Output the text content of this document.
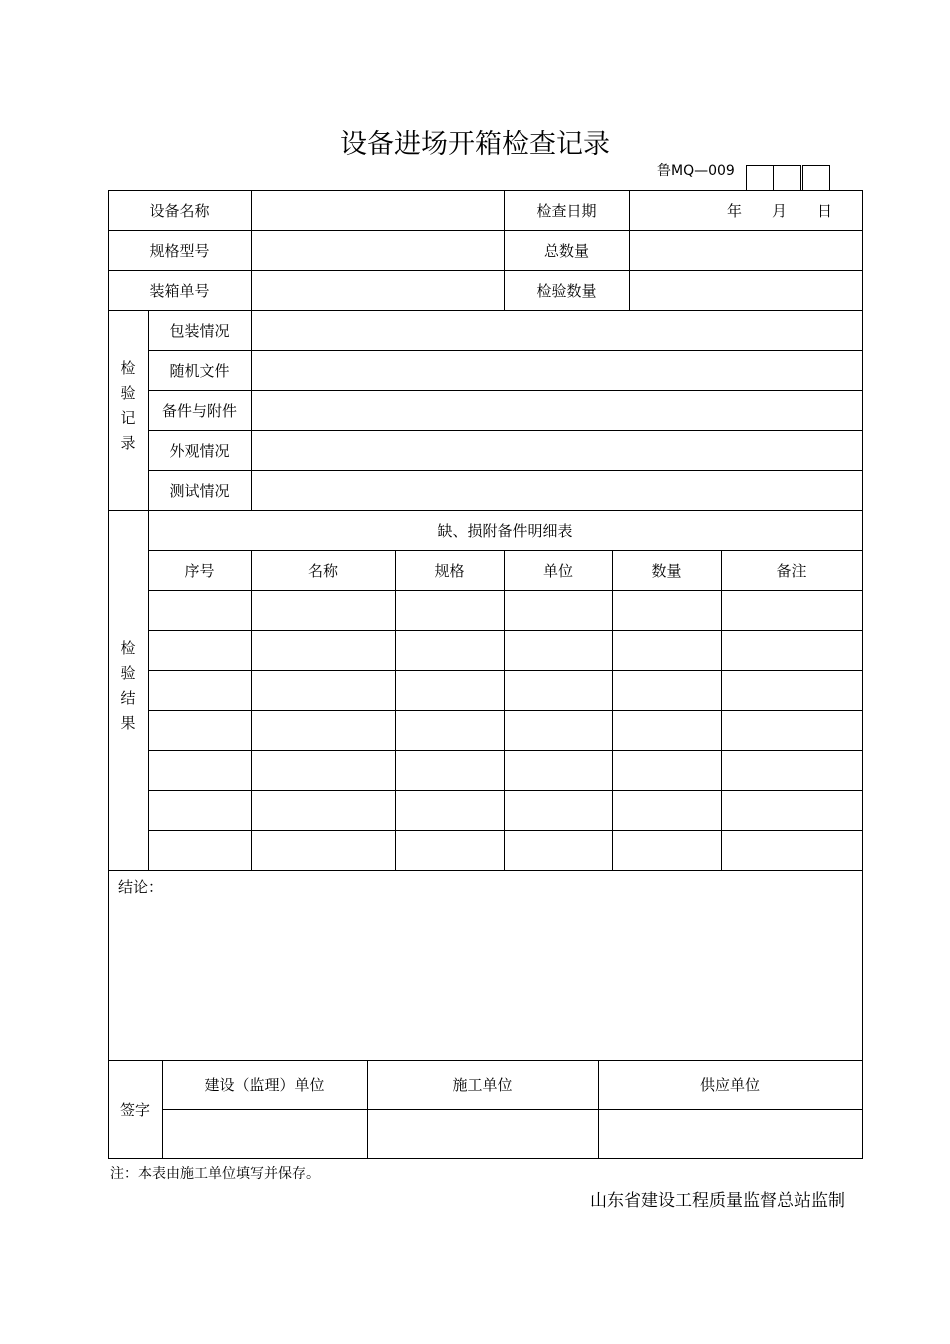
设备进场开箱检查记录
鲁MQ—009
设备名称	检查日期	年　　月　　日
规格型号	总数量
装箱单号	检验数量
检验记录
包装情况
随机文件
备件与附件
外观情况
测试情况
检验结果
缺、损附备件明细表
序号	名称	规格	单位	数量	备注
结论：
签字
建设（监理）单位	施工单位	供应单位
注：本表由施工单位填写并保存。
山东省建设工程质量监督总站监制
